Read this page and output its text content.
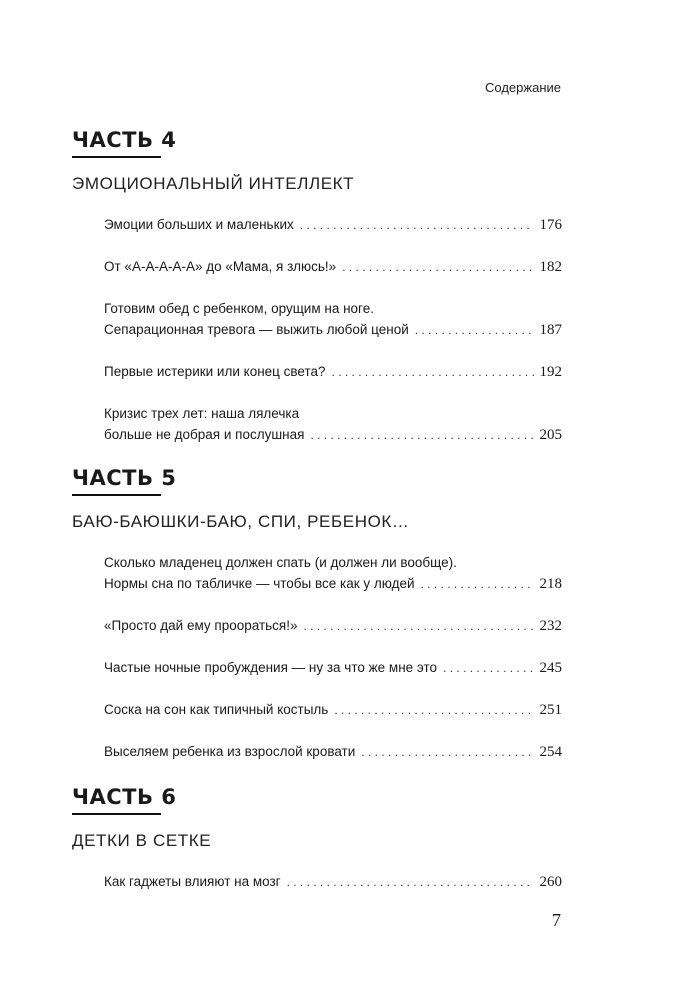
Содержание
ЧАСТЬ 4
ЭМОЦИОНАЛЬНЫЙ ИНТЕЛЛЕКТ
Эмоции больших и маленьких . . .	176
От «А-А-А-А-А» до «Мама, я злюсь!» . . .	182
Готовим обед с ребенком, орущим на ноге.
Сепарационная тревога — выжить любой ценой . . .	187
Первые истерики или конец света? . . .	192
Кризис трех лет: наша лялечка
больше не добрая и послушная . . .	205
ЧАСТЬ 5
БАЮ-БАЮШКИ-БАЮ, СПИ, РЕБЕНОК…
Сколько младенец должен спать (и должен ли вообще).
Нормы сна по табличке — чтобы все как у людей . . .	218
«Просто дай ему проораться!» . . .	232
Частые ночные пробуждения — ну за что же мне это . . .	245
Соска на сон как типичный костыль . . .	251
Выселяем ребенка из взрослой кровати . . .	254
ЧАСТЬ 6
ДЕТКИ В СЕТКЕ
Как гаджеты влияют на мозг . . .	260
7
